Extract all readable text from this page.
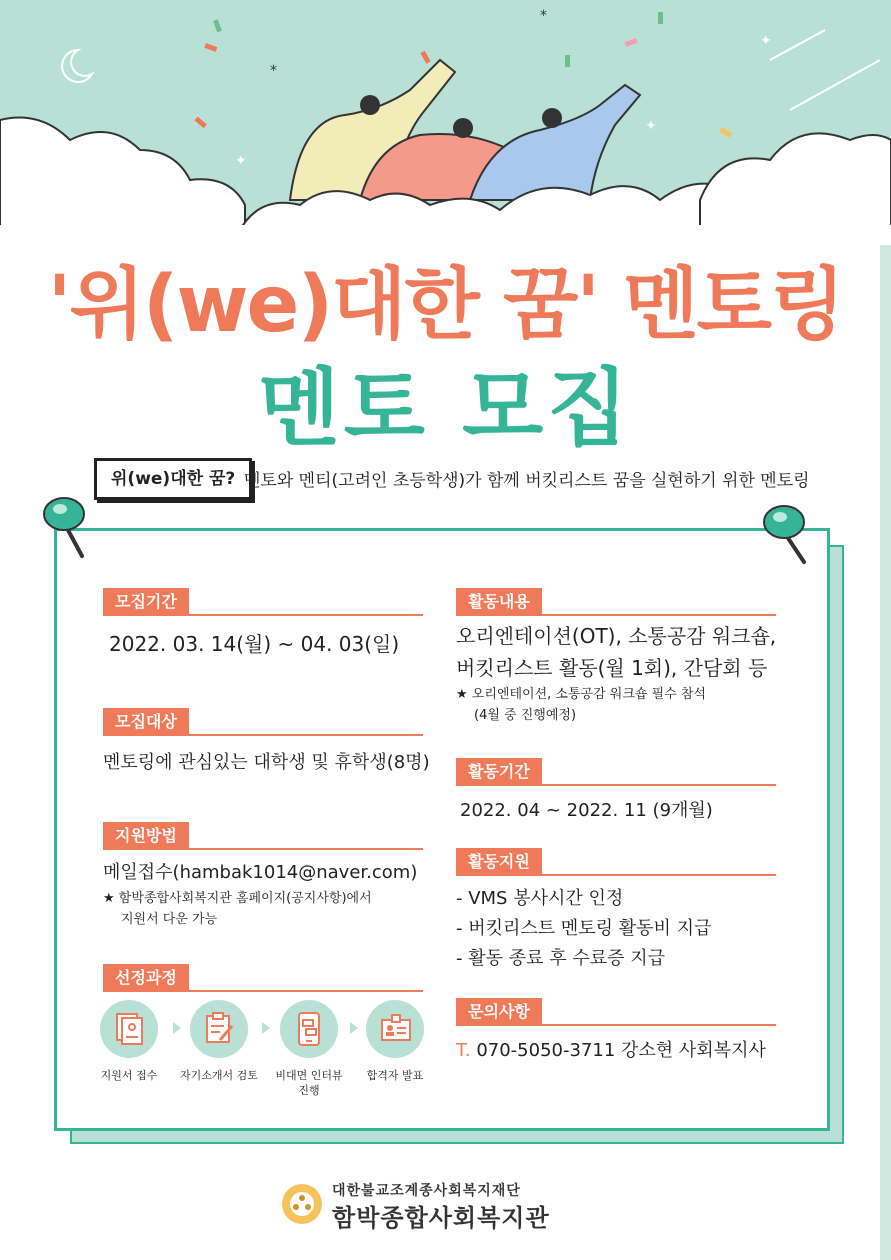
*
*
✦
✦
✦
'위(we)대한 꿈' 멘토링
멘토 모집
위(we)대한 꿈? 멘토와 멘티(고려인 초등학생)가 함께 버킷리스트 꿈을 실현하기 위한 멘토링
모집기간
2022. 03. 14(월) ~ 04. 03(일)
모집대상
멘토링에 관심있는 대학생 및 휴학생(8명)
지원방법
메일접수(hambak1014@naver.com)
★ 함박종합사회복지관 홈페이지(공지사항)에서
지원서 다운 가능
선정과정
지원서 접수	자기소개서 검토	비대면 인터뷰
진행
합격자 발표
활동내용
오리엔테이션(OT), 소통공감 워크숍,
버킷리스트 활동(월 1회), 간담회 등
★ 오리엔테이션, 소통공감 워크숍 필수 참석
(4월 중 진행예정)
활동기간
2022. 04 ~ 2022. 11 (9개월)
활동지원
- VMS 봉사시간 인정
- 버킷리스트 멘토링 활동비 지급
- 활동 종료 후 수료증 지급
문의사항
T. 070-5050-3711 강소현 사회복지사
대한불교조계종사회복지재단
함박종합사회복지관
